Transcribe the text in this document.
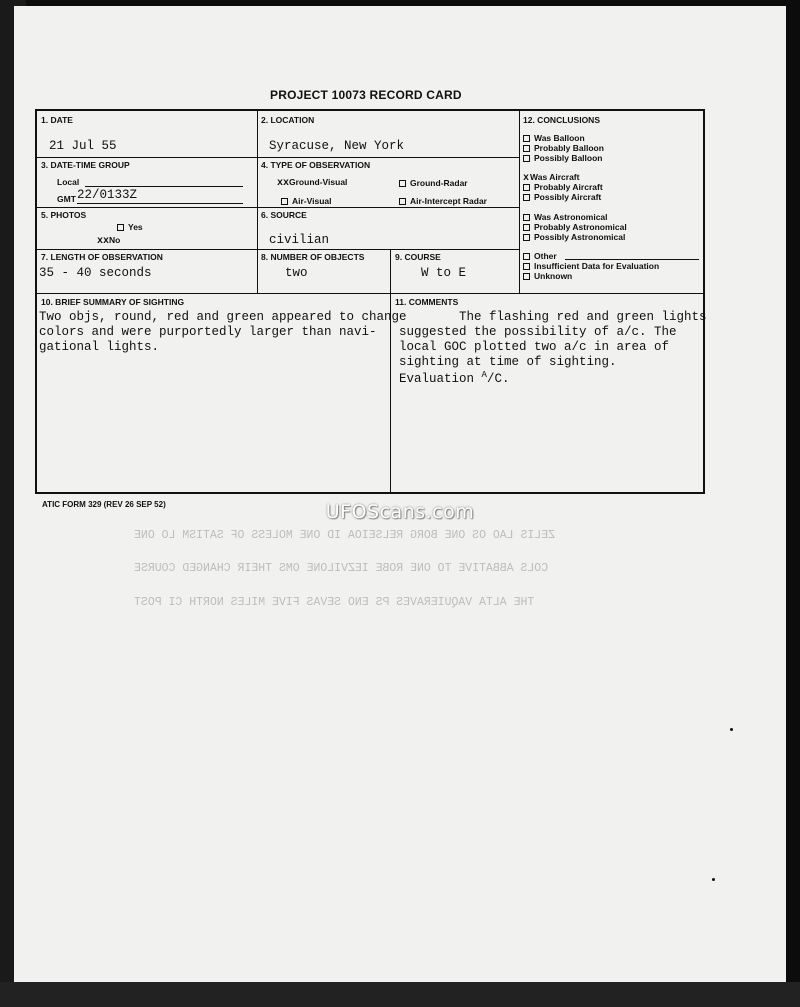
THE ALTA VAQUIERAVES PS ENO SEVAS FIVE MILES NORTH CI POST
COLS ABBATIVE TO ONE ROBE IEZVILONE OMS THEIR CHANGED COURSE
ZELIS LAO OS ONE BORG RELSEIOA ID ONE MOLESS OF SATISM LO ONE
PROJECT 10073 RECORD CARD
1. DATE
21 Jul 55
2. LOCATION
Syracuse, New York
3. DATE-TIME GROUP
Local
GMT 22/0133Z
4. TYPE OF OBSERVATION
xxGround-Visual	Ground-Radar
Air-Visual	Air-Intercept Radar
5. PHOTOS
Yes
xxNo
6. SOURCE
civilian
7. LENGTH OF OBSERVATION
35 - 40 seconds
8. NUMBER OF OBJECTS
two
9. COURSE
W to E
10. BRIEF SUMMARY OF SIGHTING
Two objs, round, red and green appeared to change
colors and were purportedly larger than navi-
gational lights.
11. COMMENTS
The flashing red and green lights
suggested the possibility of a/c. The
local GOC plotted two a/c in area of
sighting at time of sighting.
Evaluation $^A$/C.
12. CONCLUSIONS
Was Balloon
Probably Balloon
Possibly Balloon
xWas Aircraft
Probably Aircraft
Possibly Aircraft
Was Astronomical
Probably Astronomical
Possibly Astronomical
Other
Insufficient Data for Evaluation
Unknown
ATIC FORM 329 (REV 26 SEP 52)	UFOScans.com
